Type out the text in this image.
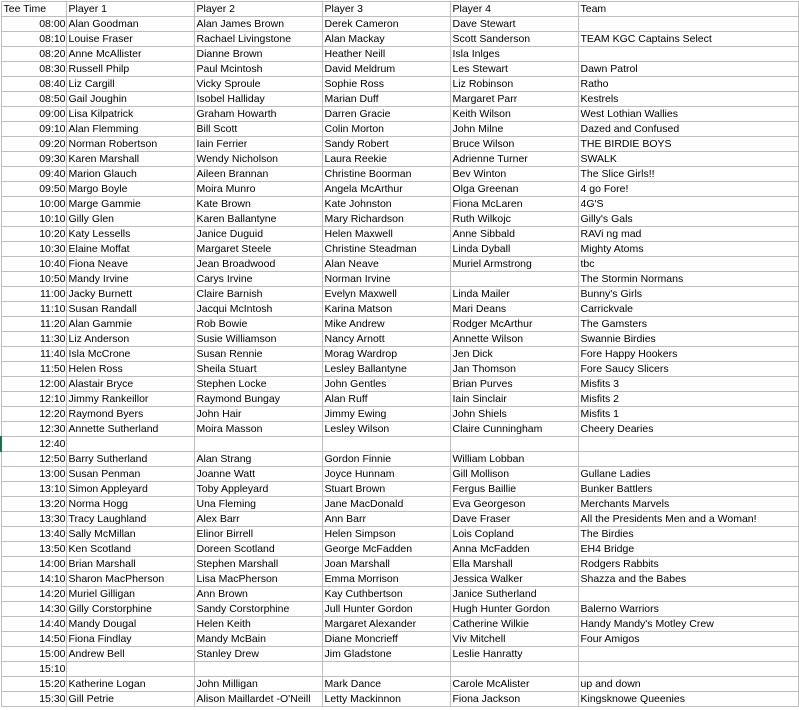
Tee Time	Player 1	Player 2	Player 3	Player 4	Team
08:00	Alan Goodman	Alan James Brown	Derek Cameron	Dave Stewart	
08:10	Louise Fraser	Rachael Livingstone	Alan Mackay	Scott Sanderson	TEAM KGC Captains Select
08:20	Anne McAllister	Dianne Brown	Heather Neill	Isla Inlges	
08:30	Russell Philp	Paul Mcintosh	David Meldrum	Les Stewart	Dawn Patrol
08:40	Liz Cargill	Vicky Sproule	Sophie Ross	Liz Robinson	Ratho
08:50	Gail Joughin	Isobel Halliday	Marian Duff	Margaret Parr	Kestrels
09:00	Lisa Kilpatrick	Graham Howarth	Darren Gracie	Keith Wilson	West Lothian Wallies
09:10	Alan Flemming	Bill Scott	Colin Morton	John Milne	Dazed and Confused
09:20	Norman Robertson	Iain Ferrier	Sandy Robert	Bruce Wilson	THE BIRDIE BOYS
09:30	Karen Marshall	Wendy Nicholson	Laura Reekie	Adrienne Turner	SWALK
09:40	Marion Glauch	Aileen Brannan	Christine Boorman	Bev Winton	The Slice Girls!!
09:50	Margo Boyle	Moira Munro	Angela McArthur	Olga Greenan	4 go Fore!
10:00	Marge Gammie	Kate Brown	Kate Johnston	Fiona McLaren	4G'S
10:10	Gilly Glen	Karen Ballantyne	Mary Richardson	Ruth Wilkojc	Gilly's Gals
10:20	Katy Lessells	Janice Duguid	Helen Maxwell	Anne Sibbald	RAVi ng mad
10:30	Elaine Moffat	Margaret Steele	Christine Steadman	Linda Dyball	Mighty Atoms
10:40	Fiona Neave	Jean Broadwood	Alan Neave	Muriel Armstrong	tbc
10:50	Mandy Irvine	Carys Irvine	Norman Irvine		The Stormin Normans
11:00	Jacky Burnett	Claire Barnish	Evelyn Maxwell	Linda Mailer	Bunny's Girls
11:10	Susan Randall	Jacqui McIntosh	Karina Matson	Mari Deans	Carrickvale
11:20	Alan Gammie	Rob Bowie	Mike Andrew	Rodger McArthur	The Gamsters
11:30	Liz Anderson	Susie Williamson	Nancy Arnott	Annette Wilson	Swannie Birdies
11:40	Isla McCrone	Susan Rennie	Morag Wardrop	Jen Dick	Fore Happy Hookers
11:50	Helen Ross	Sheila Stuart	Lesley Ballantyne	Jan Thomson	Fore Saucy Slicers
12:00	Alastair Bryce	Stephen Locke	John Gentles	Brian Purves	Misfits 3
12:10	Jimmy Rankeillor	Raymond Bungay	Alan Ruff	Iain Sinclair	Misfits 2
12:20	Raymond Byers	John Hair	Jimmy Ewing	John Shiels	Misfits 1
12:30	Annette Sutherland	Moira Masson	Lesley Wilson	Claire Cunningham	Cheery Dearies
12:40					
12:50	Barry Sutherland	Alan Strang	Gordon Finnie	William Lobban	
13:00	Susan Penman	Joanne Watt	Joyce Hunnam	Gill Mollison	Gullane Ladies
13:10	Simon Appleyard	Toby Appleyard	Stuart Brown	Fergus Baillie	Bunker Battlers
13:20	Norma Hogg	Una Fleming	Jane MacDonald	Eva Georgeson	Merchants Marvels
13:30	Tracy Laughland	Alex Barr	Ann Barr	Dave Fraser	All the Presidents Men and a Woman!
13:40	Sally McMillan	Elinor Birrell	Helen Simpson	Lois Copland	The Birdies
13:50	Ken Scotland	Doreen Scotland	George McFadden	Anna McFadden	EH4 Bridge
14:00	Brian Marshall	Stephen Marshall	Joan Marshall	Ella Marshall	Rodgers Rabbits
14:10	Sharon MacPherson	Lisa MacPherson	Emma Morrison	Jessica Walker	Shazza and the Babes
14:20	Muriel Gilligan	Ann Brown	Kay Cuthbertson	Janice Sutherland	
14:30	Gilly Corstorphine	Sandy Corstorphine	Jull Hunter Gordon	Hugh Hunter Gordon	Balerno Warriors
14:40	Mandy Dougal	Helen Keith	Margaret Alexander	Catherine Wilkie	Handy Mandy's Motley Crew
14:50	Fiona Findlay	Mandy McBain	Diane Moncrieff	Viv Mitchell	Four Amigos
15:00	Andrew Bell	Stanley Drew	Jim Gladstone	Leslie Hanratty	
15:10					
15:20	Katherine Logan	John Milligan	Mark Dance	Carole McAlister	up and down
15:30	Gill Petrie	Alison Maillardet -O'Neill	Letty Mackinnon	Fiona Jackson	Kingsknowe Queenies
